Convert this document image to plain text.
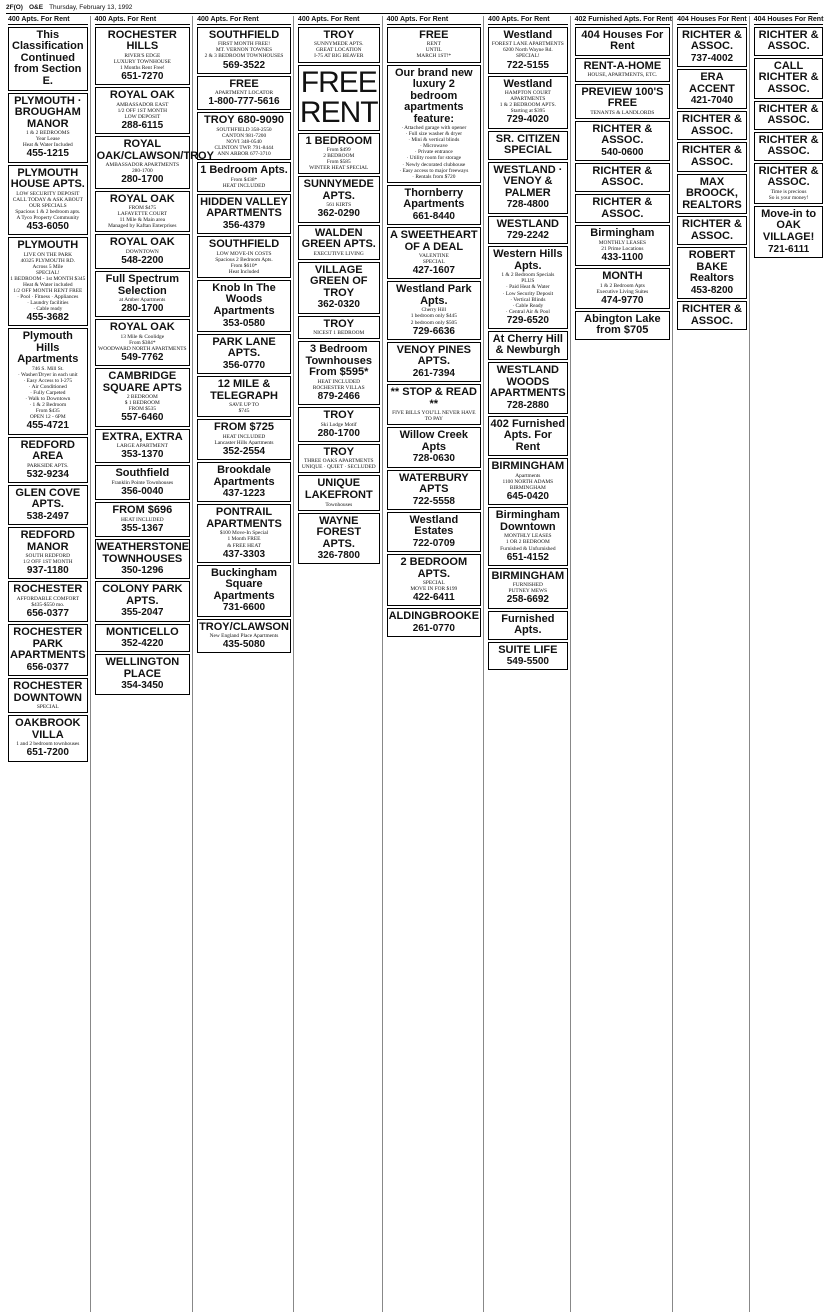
2F(O) O&E Thursday, February 13, 1992
400 Apts. For Rent
This Classification Continued from Section E.
PLYMOUTH · BROUGHAM MANOR
1 & 2 BEDROOMS
Year Lease
Heat & Water Included
455-1215
PLYMOUTH HOUSE APTS.
LOW SECURITY DEPOSIT
CALL TODAY & ASK ABOUT OUR SPECIALS
Spacious 1 & 2 bedroom apts.
A Tyco Property Community
453-6050
PLYMOUTH
LIVE ON THE PARK
40325 PLYMOUTH RD.
Across 5 Mile
SPECIAL!
1 BEDROOM - 1st MONTH $345
Heat & Water included
1/2 OFF MONTH RENT FREE
· Pool · Fitness · Appliances
· Laundry facilities
· Cable ready
455-3682
Plymouth Hills Apartments
746 S. Mill St.
· Washer/Dryer in each unit
· Easy Access to I-275
· Air Conditioned
· Fully Carpeted
· Walk to Downtown
· 1 & 2 Bedroom
From $435
OPEN 12 - 6PM
455-4721
REDFORD AREA
PARKSIDE APTS.
532-9234
GLEN COVE APTS.
538-2497
REDFORD MANOR
SOUTH REDFORD
1/2 OFF 1ST MONTH
937-1180
ROCHESTER
AFFORDABLE COMFORT
$435-$550 mo.
656-0377
ROCHESTER PARK APARTMENTS
656-0377
ROCHESTER DOWNTOWN
SPECIAL
OAKBROOK VILLA
1 and 2 bedroom townhouses
651-7200
400 Apts. For Rent
ROCHESTER HILLS
RIVER'S EDGE
LUXURY TOWNHOUSE
1 Months Rent Free!
651-7270
ROYAL OAK
AMBASSADOR EAST
1/2 OFF 1ST MONTH
LOW DEPOSIT
288-6115
ROYAL OAK/CLAWSON/TROY
AMBASSADOR APARTMENTS
280-1700
280-1700
ROYAL OAK
FROM $475
LAFAYETTE COURT
11 Mile & Main area
Managed by Kaftan Enterprises
ROYAL OAK
DOWNTOWN
548-2200
Full Spectrum Selection
at Amber Apartments
280-1700
ROYAL OAK
13 Mile & Coolidge
From $384*
WOODWARD NORTH APARTMENTS
549-7762
CAMBRIDGE SQUARE APTS
2 BEDROOM
$ 1 BEDROOM
FROM $535
557-6460
EXTRA, EXTRA
LARGE APARTMENT
353-1370
Southfield
Franklin Pointe Townhouses
356-0040
FROM $696
HEAT INCLUDED
355-1367
WEATHERSTONE TOWNHOUSES
350-1296
COLONY PARK APTS.
355-2047
MONTICELLO
352-4220
WELLINGTON PLACE
354-3450
400 Apts. For Rent
SOUTHFIELD
FIRST MONTH FREE!
MT. VERNON TOWNES
2 & 3 BEDROOM TOWNHOUSES
569-3522
FREE
APARTMENT LOCATOR
1-800-777-5616
TROY 680-9090
SOUTHFIELD 358-2550
CANTON 981-7200
NOVI 348-0540
CLINTON TWP. 791-8444
ANN ARBOR 677-3710
1 Bedroom Apts.
From $438*
HEAT INCLUDED
HIDDEN VALLEY APARTMENTS
356-4379
SOUTHFIELD
LOW MOVE-IN COSTS
Spacious 2 Bedroom Apts.
From $610*
Heat Included
Knob In The Woods Apartments
353-0580
PARK LANE APTS.
356-0770
12 MILE & TELEGRAPH
SAVE UP TO
$745
FROM $725
HEAT INCLUDED
Lancaster Hills Apartments
352-2554
Brookdale Apartments
437-1223
PONTRAIL APARTMENTS
$100 Move-In Special
1 Month FREE
& FREE HEAT
437-3303
Buckingham Square Apartments
731-6600
TROY/CLAWSON
New England Place Apartments
435-5080
400 Apts. For Rent
TROY
SUNNYMEDE APTS.
GREAT LOCATION
I-75 AT BIG BEAVER
FREE
RENT
1 BEDROOM
From $499
2 BEDROOM
From $585
WINTER HEAT SPECIAL
SUNNYMEDE APTS.
561 KIRTS
362-0290
WALDEN GREEN APTS.
EXECUTIVE LIVING
VILLAGE GREEN OF TROY
362-0320
TROY
NICEST 1 BEDROOM
3 Bedroom Townhouses From $595*
HEAT INCLUDED
ROCHESTER VILLAS
879-2466
TROY
Ski Lodge Motif
280-1700
TROY
THREE OAKS APARTMENTS
UNIQUE · QUIET · SECLUDED
UNIQUE LAKEFRONT
Townhouses
WAYNE FOREST APTS.
326-7800
400 Apts. For Rent
FREE
RENT
UNTIL
MARCH 1ST!*
Our brand new luxury 2 bedroom apartments feature:
· Attached garage with opener
· Full size washer & dryer
· Mini & vertical blinds
· Microwave
· Private entrance
· Utility room for storage
· Newly decorated clubhouse
· Easy access to major freeways
· Rentals from $720
Thornberry Apartments
661-8440
A SWEETHEART OF A DEAL
VALENTINE
SPECIAL
427-1607
Westland Park Apts.
Cherry Hill
1 bedroom only $445
2 bedroom only $505
729-6636
VENOY PINES APTS.
261-7394
** STOP & READ **
FIVE BILLS YOU'LL NEVER HAVE TO PAY
Willow Creek Apts
728-0630
WATERBURY APTS
722-5558
Westland Estates
722-0709
2 BEDROOM APTS.
SPECIAL
MOVE IN FOR $199
422-6411
ALDINGBROOKE
261-0770
400 Apts. For Rent
Westland
FOREST LANE APARTMENTS
6200 North Wayne Rd.
SPECIAL!
722-5155
Westland
HAMPTON COURT APARTMENTS
1 & 2 BEDROOM APTS.
Starting at $395
729-4020
SR. CITIZEN SPECIAL
WESTLAND · VENOY & PALMER
728-4800
WESTLAND
729-2242
Western Hills Apts.
1 & 2 Bedroom Specials
PLUS
· Paid Heat & Water
· Low Security Deposit
· Vertical Blinds
· Cable Ready
· Central Air & Pool
729-6520
At Cherry Hill & Newburgh
WESTLAND WOODS APARTMENTS
728-2880
402 Furnished Apts. For Rent
BIRMINGHAM
Apartments
1100 NORTH ADAMS
BIRMINGHAM
645-0420
Birmingham Downtown
MONTHLY LEASES
1 OR 2 BEDROOM
Furnished & Unfurnished
651-4152
BIRMINGHAM
FURNISHED
PUTNEY MEWS
258-6692
Furnished Apts.
SUITE LIFE
549-5500
402 Furnished Apts. For Rent
404 Houses For Rent
RENT-A-HOME
HOUSE, APARTMENTS, ETC.
PREVIEW 100'S FREE
TENANTS & LANDLORDS
RICHTER & ASSOC.
540-0600
RICHTER & ASSOC.
RICHTER & ASSOC.
Birmingham
MONTHLY LEASES
21 Prime Locations
433-1100
MONTH
1 & 2 Bedroom Apts
Executive Living Suites
474-9770
Abington Lake from $705
404 Houses For Rent
RICHTER & ASSOC.
737-4002
ERA ACCENT
421-7040
RICHTER & ASSOC.
RICHTER & ASSOC.
MAX BROOCK, REALTORS
RICHTER & ASSOC.
ROBERT BAKE Realtors
453-8200
RICHTER & ASSOC.
404 Houses For Rent
RICHTER & ASSOC.
CALL RICHTER & ASSOC.
RICHTER & ASSOC.
RICHTER & ASSOC.
RICHTER & ASSOC.
Time is precious
So is your money!
Move-in to OAK VILLAGE!
721-6111
